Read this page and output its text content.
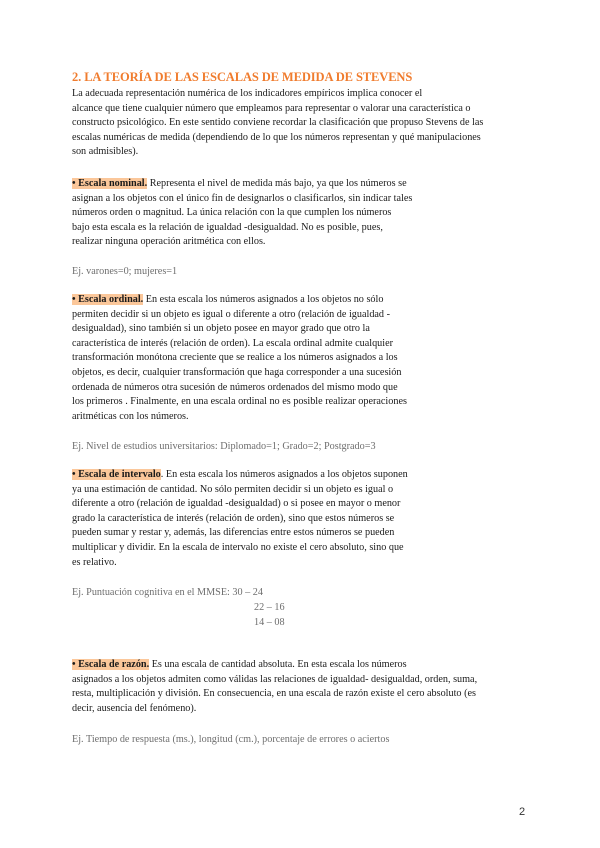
2. LA TEORÍA DE LAS ESCALAS DE MEDIDA DE STEVENS
La adecuada representación numérica de los indicadores empíricos implica conocer el
alcance que tiene cualquier número que empleamos para representar o valorar una característica o
constructo psicológico. En este sentido conviene recordar la clasificación que propuso Stevens de las
escalas numéricas de medida (dependiendo de lo que los números representan y qué manipulaciones
son admisibles).
• Escala nominal. Representa el nivel de medida más bajo, ya que los números se
asignan a los objetos con el único fin de designarlos o clasificarlos, sin indicar tales
números orden o magnitud. La única relación con la que cumplen los números
bajo esta escala es la relación de igualdad -desigualdad. No es posible, pues,
realizar ninguna operación aritmética con ellos.
Ej. varones=0; mujeres=1
• Escala ordinal. En esta escala los números asignados a los objetos no sólo
permiten decidir si un objeto es igual o diferente a otro (relación de igualdad -
desigualdad), sino también si un objeto posee en mayor grado que otro la
característica de interés (relación de orden). La escala ordinal admite cualquier
transformación monótona creciente que se realice a los números asignados a los
objetos, es decir, cualquier transformación que haga corresponder a una sucesión
ordenada de números otra sucesión de números ordenados del mismo modo que
los primeros . Finalmente, en una escala ordinal no es posible realizar operaciones
aritméticas con los números.
Ej. Nivel de estudios universitarios: Diplomado=1; Grado=2; Postgrado=3
• Escala de intervalo. En esta escala los números asignados a los objetos suponen
ya una estimación de cantidad. No sólo permiten decidir si un objeto es igual o
diferente a otro (relación de igualdad -desigualdad) o si posee en mayor o menor
grado la característica de interés (relación de orden), sino que estos números se
pueden sumar y restar y, además, las diferencias entre estos números se pueden
multiplicar y dividir. En la escala de intervalo no existe el cero absoluto, sino que
es relativo.
Ej. Puntuación cognitiva en el MMSE: 30 – 24
22 – 16
14 – 08
• Escala de razón. Es una escala de cantidad absoluta. En esta escala los números
asignados a los objetos admiten como válidas las relaciones de igualdad- desigualdad, orden, suma,
resta, multiplicación y división. En consecuencia, en una escala de razón existe el cero absoluto (es
decir, ausencia del fenómeno).
Ej. Tiempo de respuesta (ms.), longitud (cm.), porcentaje de errores o aciertos
2
